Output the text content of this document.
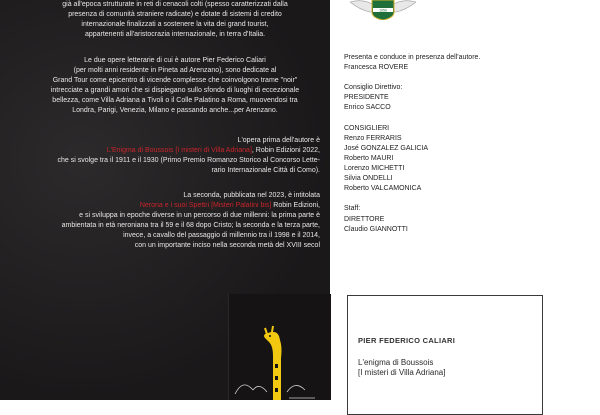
già all'epoca strutturate in reti di cenacoli colti (spesso caratterizzati dalla
presenza di comunità straniere radicate) e dotate di sistemi di credito
internazionale finalizzati a sostenere la vita dei grand tourist,
appartenenti all'aristocrazia internazionale, in terra d'Italia.

Le due opere letterarie di cui è autore Pier Federico Caliari
(per molti anni residente in Pineta ad Arenzano), sono dedicate al
Grand Tour come epicentro di vicende complesse che coinvolgono trame "noir"
intrecciate a grandi amori che si dispiegano sullo sfondo di luoghi di eccezionale
bellezza, come Villa Adriana a Tivoli o il Colle Palatino a Roma, muovendosi tra
Londra, Parigi, Venezia, Milano e passando anche...per Arenzano.

L'opera prima dell'autore è
L'Enigma di Boussois [I misteri di Villa Adriana], Robin Edizioni 2022,
che si svolge tra il 1911 e il 1930 (Primo Premio Romanzo Storico al Concorso Lette-
rario Internazionale Città di Como).

La seconda, pubblicata nel 2023, è intitolata
Nerona e i suoi Spettri [Misteri Palatini bis] Robin Edizioni,
e si sviluppa in epoche diverse in un percorso di due millenni: la prima parte è
ambientata in età neroniana tra il 59 e il 68 dopo Cristo; la seconda e la terza parte,
invece, a cavallo del passaggio di millennio tra il 1998 e il 2014,
con un importante inciso nella seconda metà del XVIII secol

1959
Presenta e conduce in presenza dell'autore.
Francesca ROVERE
Consiglio Direttivo:
PRESIDENTE
Enrico SACCO
CONSIGLIERI
Renzo FERRARIS
José GONZALEZ GALICIA
Roberto MAURI
Lorenzo MICHETTI
Silvia ONDELLI
Roberto VALCAMONICA
Staff:
DIRETTORE
Claudio GIANNOTTI
PIER FEDERICO CALIARI
L'enigma di Boussois
[I misteri di Villa Adriana]
